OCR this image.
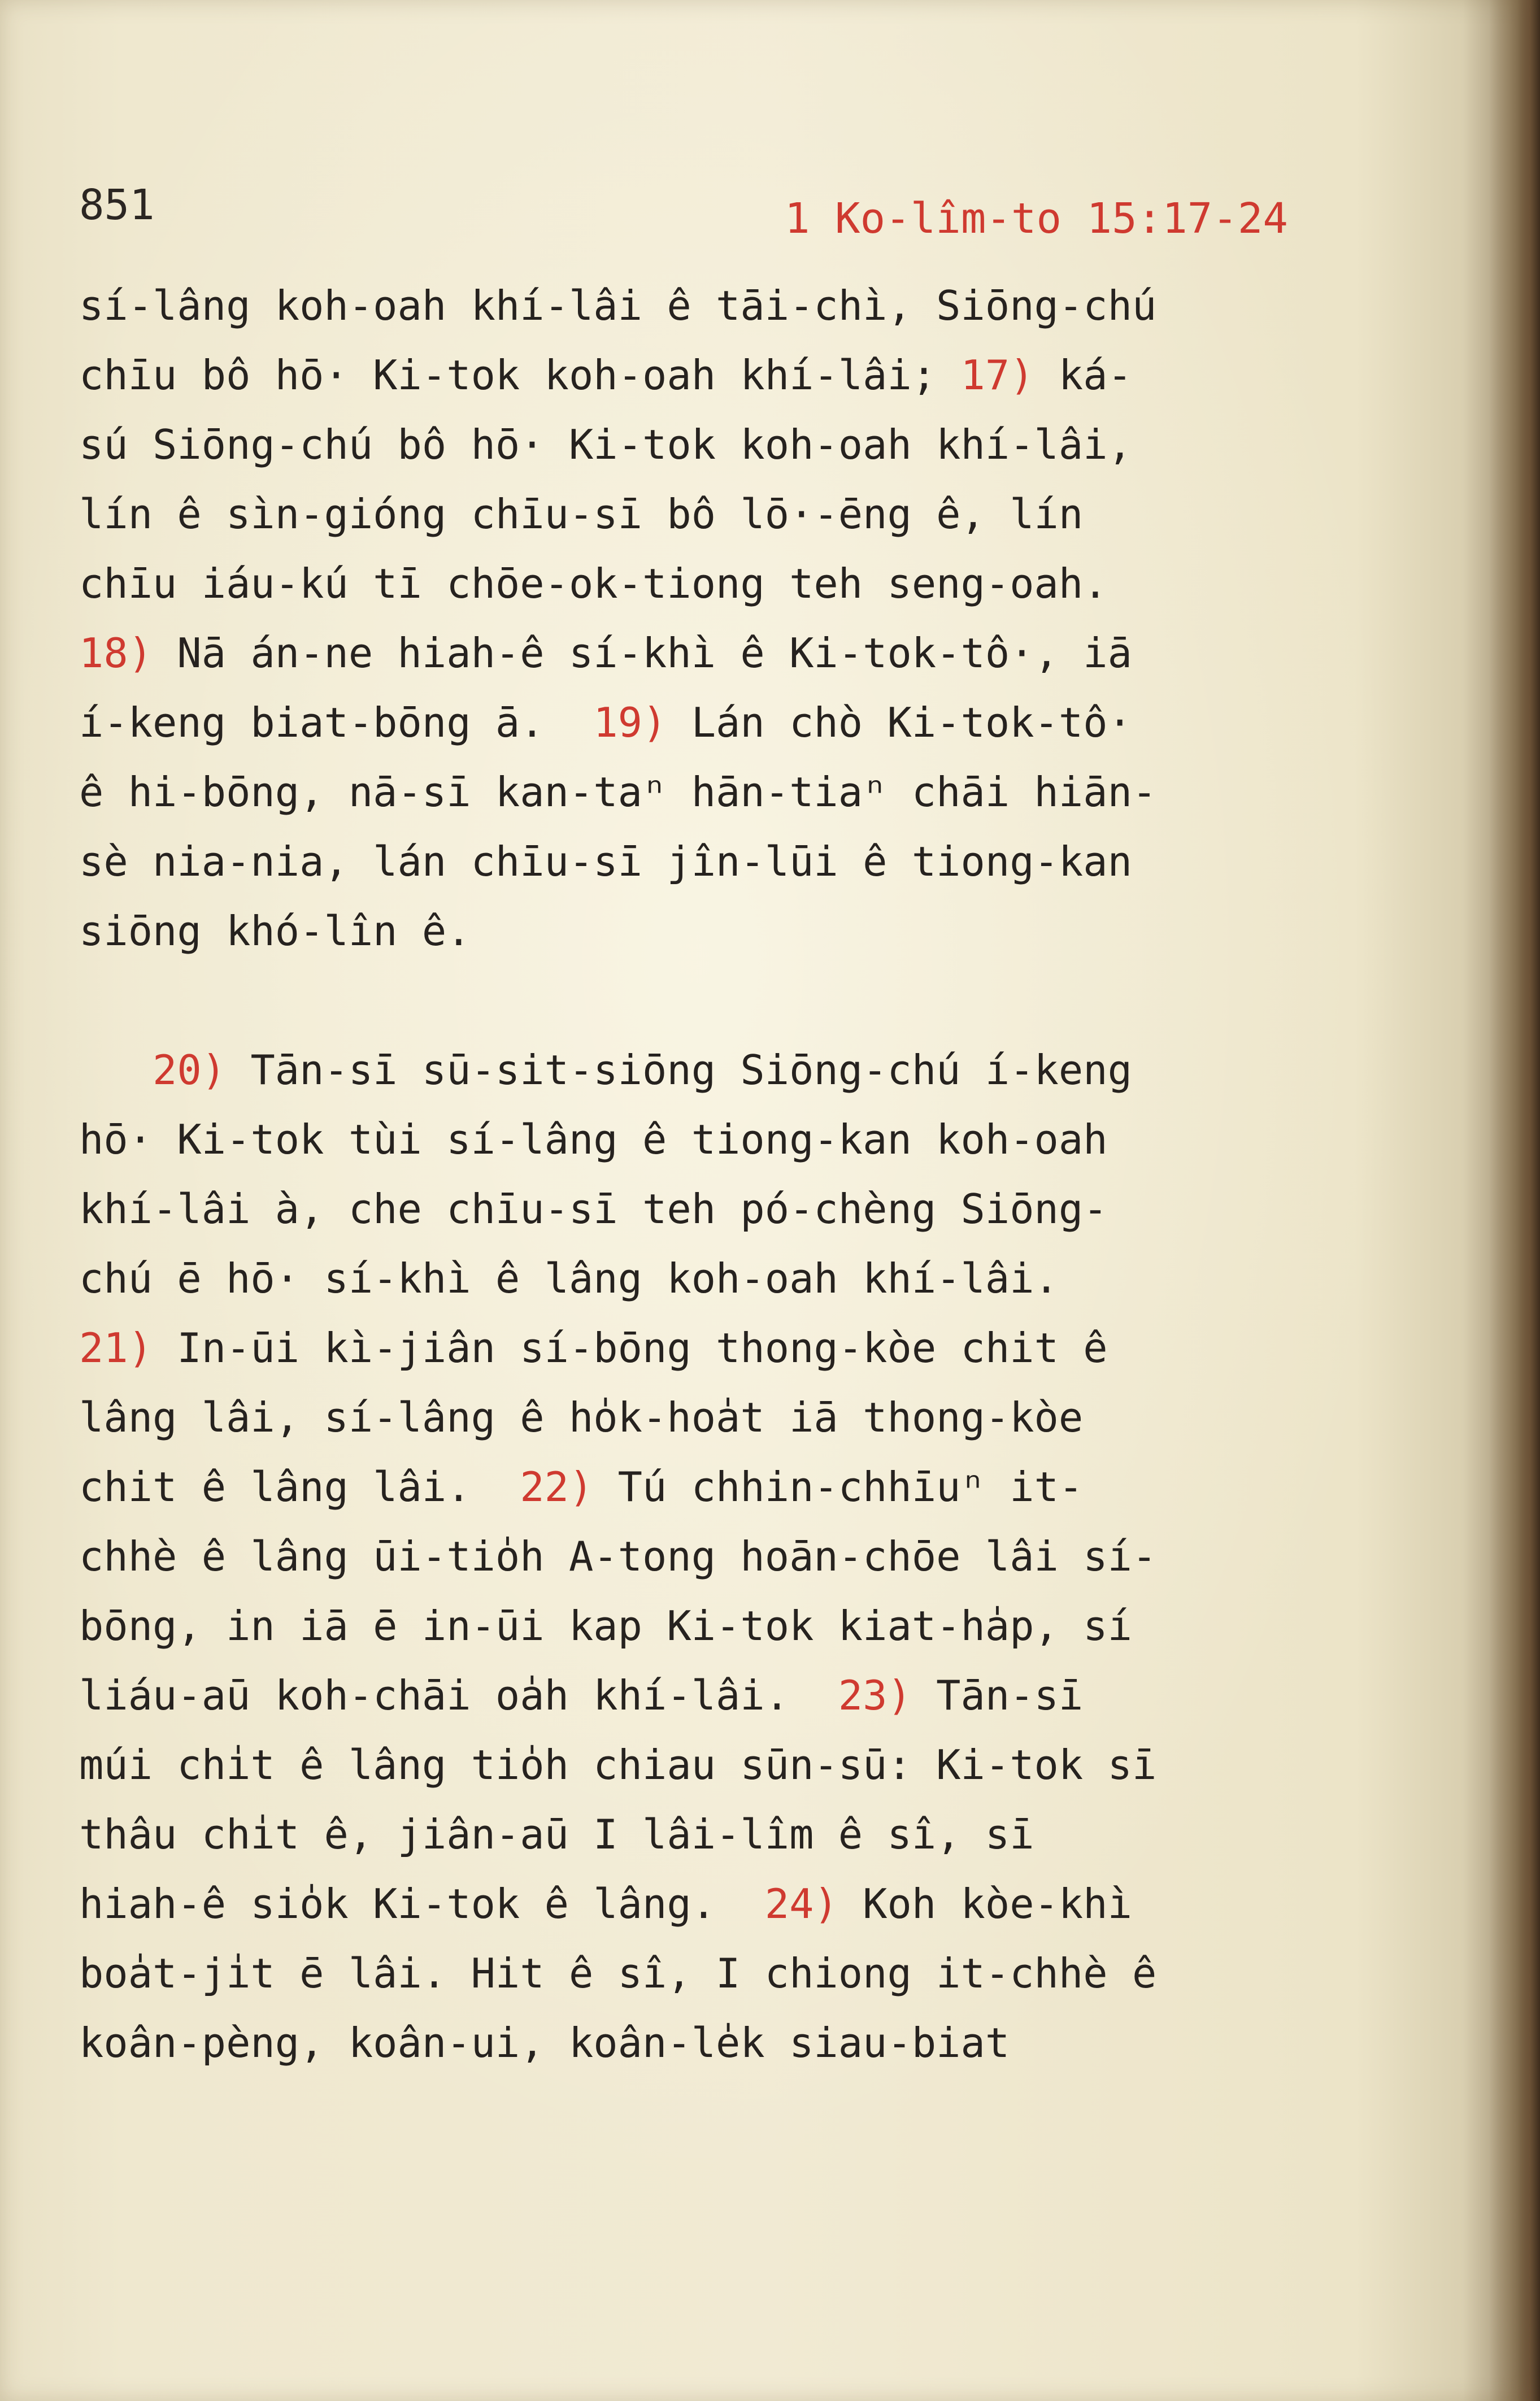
851	1 Ko-lîm-to 15:17-24
sí-lâng koh-oah khí-lâi ê tāi-chì, Siōng-chú
chīu bô hō· Ki-tok koh-oah khí-lâi; 17) ká-
sú Siōng-chú bô hō· Ki-tok koh-oah khí-lâi,
lín ê sìn-gióng chīu-sī bô lō·-ēng ê, lín
chīu iáu-kú tī chōe-ok-tiong teh seng-oah.
18) Nā án-ne hiah-ê sí-khì ê Ki-tok-tô·, iā
í-keng biat-bōng ā.  19) Lán chò Ki-tok-tô·
ê hi-bōng, nā-sī kan-taⁿ hān-tiaⁿ chāi hiān-
sè nia-nia, lán chīu-sī jîn-lūi ê tiong-kan
siōng khó-lîn ê.
20) Tān-sī sū-sit-siōng Siōng-chú í-keng
hō· Ki-tok tùi sí-lâng ê tiong-kan koh-oah
khí-lâi à, che chīu-sī teh pó-chèng Siōng-
chú ē hō· sí-khì ê lâng koh-oah khí-lâi.
21) In-ūi kì-jiân sí-bōng thong-kòe chit ê
lâng lâi, sí-lâng ê ho̍k-hoa̍t iā thong-kòe
chit ê lâng lâi.  22) Tú chhin-chhīuⁿ it-
chhè ê lâng ūi-tio̍h A-tong hoān-chōe lâi sí-
bōng, in iā ē in-ūi kap Ki-tok kiat-ha̍p, sí
liáu-aū koh-chāi oa̍h khí-lâi.  23) Tān-sī
múi chi̍t ê lâng tio̍h chiau sūn-sū: Ki-tok sī
thâu chi̍t ê, jiân-aū I lâi-lîm ê sî, sī
hiah-ê sio̍k Ki-tok ê lâng.  24) Koh kòe-khì
boa̍t-ji̍t ē lâi. Hit ê sî, I chiong it-chhè ê
koân-pèng, koân-ui, koân-le̍k siau-biat
